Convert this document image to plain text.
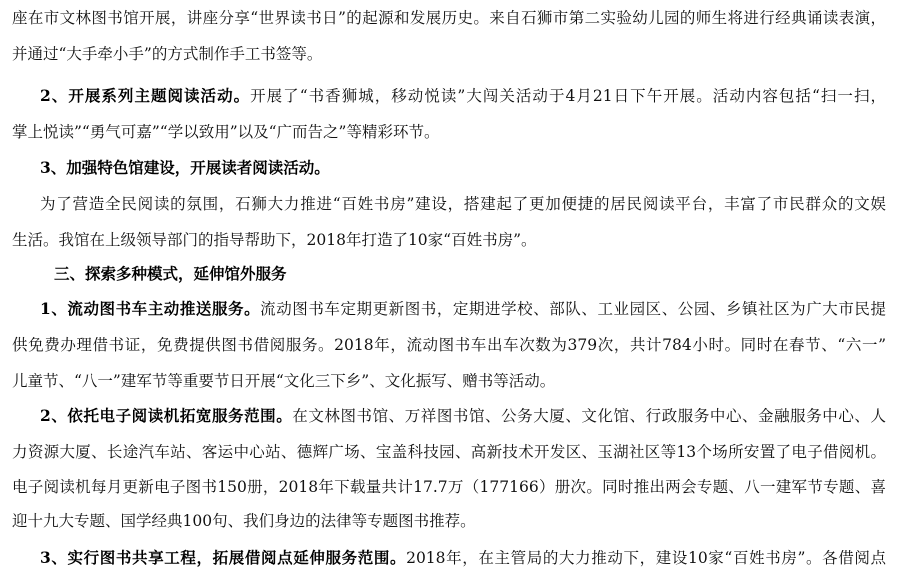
座在市文林图书馆开展，讲座分享“世界读书日”的起源和发展历史。来自石狮市第二实验幼儿园的师生将进行经典诵读表演，
并通过“大手牵小手”的方式制作手工书签等。
2、开展系列主题阅读活动。开展了“书香狮城，移动悦读”大闯关活动于4月21日下午开展。活动内容包括“扫一扫，
掌上悦读”“勇气可嘉”“学以致用”以及“广而告之”等精彩环节。
3、加强特色馆建设，开展读者阅读活动。
为了营造全民阅读的氛围，石狮大力推进“百姓书房”建设，搭建起了更加便捷的居民阅读平台，丰富了市民群众的文娱
生活。我馆在上级领导部门的指导帮助下，2018年打造了10家“百姓书房”。
三、探索多种模式，延伸馆外服务
1、流动图书车主动推送服务。流动图书车定期更新图书，定期进学校、部队、工业园区、公园、乡镇社区为广大市民提
供免费办理借书证，免费提供图书借阅服务。2018年，流动图书车出车次数为379次，共计784小时。同时在春节、“六一”
儿童节、“八一”建军节等重要节日开展“文化三下乡”、文化振写、赠书等活动。
2、依托电子阅读机拓宽服务范围。在文林图书馆、万祥图书馆、公务大厦、文化馆、行政服务中心、金融服务中心、人
力资源大厦、长途汽车站、客运中心站、德辉广场、宝盖科技园、高新技术开发区、玉湖社区等13个场所安置了电子借阅机。
电子阅读机每月更新电子图书150册，2018年下载量共计17.7万（177166）册次。同时推出两会专题、八一建军节专题、喜
迎十九大专题、国学经典100句、我们身边的法律等专题图书推荐。
3、实行图书共享工程，拓展借阅点延伸服务范围。2018年，在主管局的大力推动下，建设10家“百姓书房”。各借阅点
